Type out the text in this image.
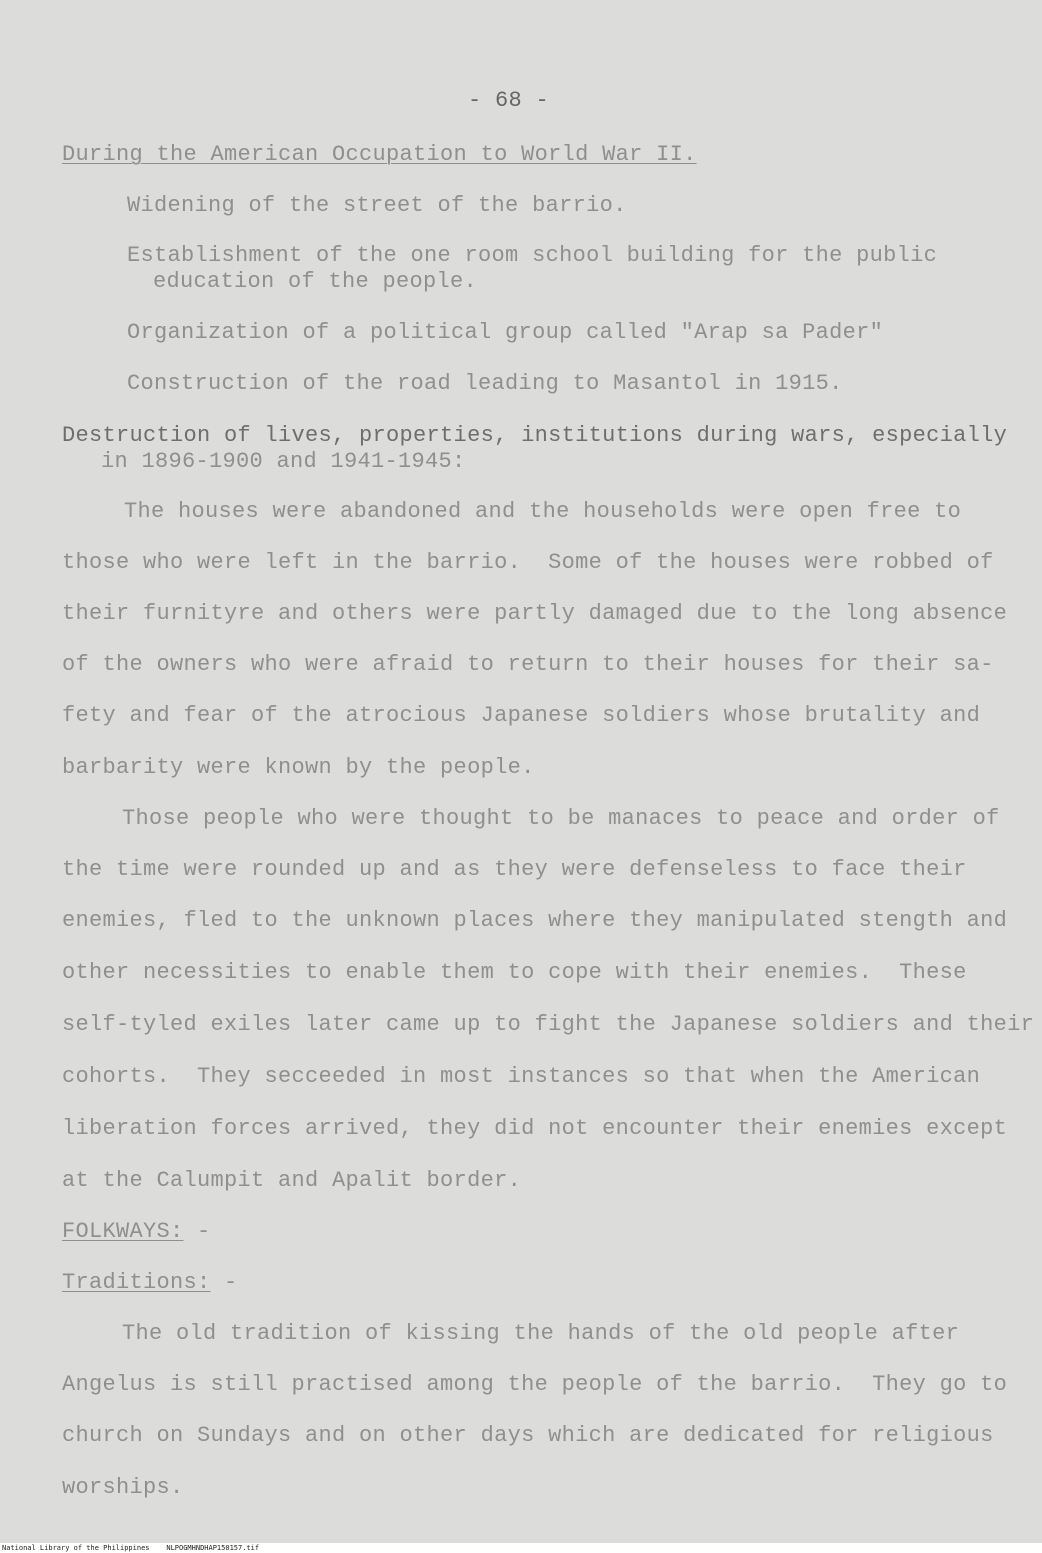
- 68 -
During the American Occupation to World War II.
Widening of the street of the barrio.
Establishment of the one room school building for the public
education of the people.
Organization of a political group called "Arap sa Pader"
Construction of the road leading to Masantol in 1915.
Destruction of lives, properties, institutions during wars, especially
in 1896-1900 and 1941-1945:
The houses were abandoned and the households were open free to
those who were left in the barrio.  Some of the houses were robbed of
their furnityre and others were partly damaged due to the long absence
of the owners who were afraid to return to their houses for their sa-
fety and fear of the atrocious Japanese soldiers whose brutality and
barbarity were known by the people.
Those people who were thought to be manaces to peace and order of
the time were rounded up and as they were defenseless to face their
enemies, fled to the unknown places where they manipulated stength and
other necessities to enable them to cope with their enemies.  These
self-tyled exiles later came up to fight the Japanese soldiers and their
cohorts.  They secceeded in most instances so that when the American
liberation forces arrived, they did not encounter their enemies except
at the Calumpit and Apalit border.
FOLKWAYS: -
Traditions: -
The old tradition of kissing the hands of the old people after
Angelus is still practised among the people of the barrio.  They go to
church on Sundays and on other days which are dedicated for religious
worships.
National Library of the Philippines    NLPOGMHNDHAP150157.tif
